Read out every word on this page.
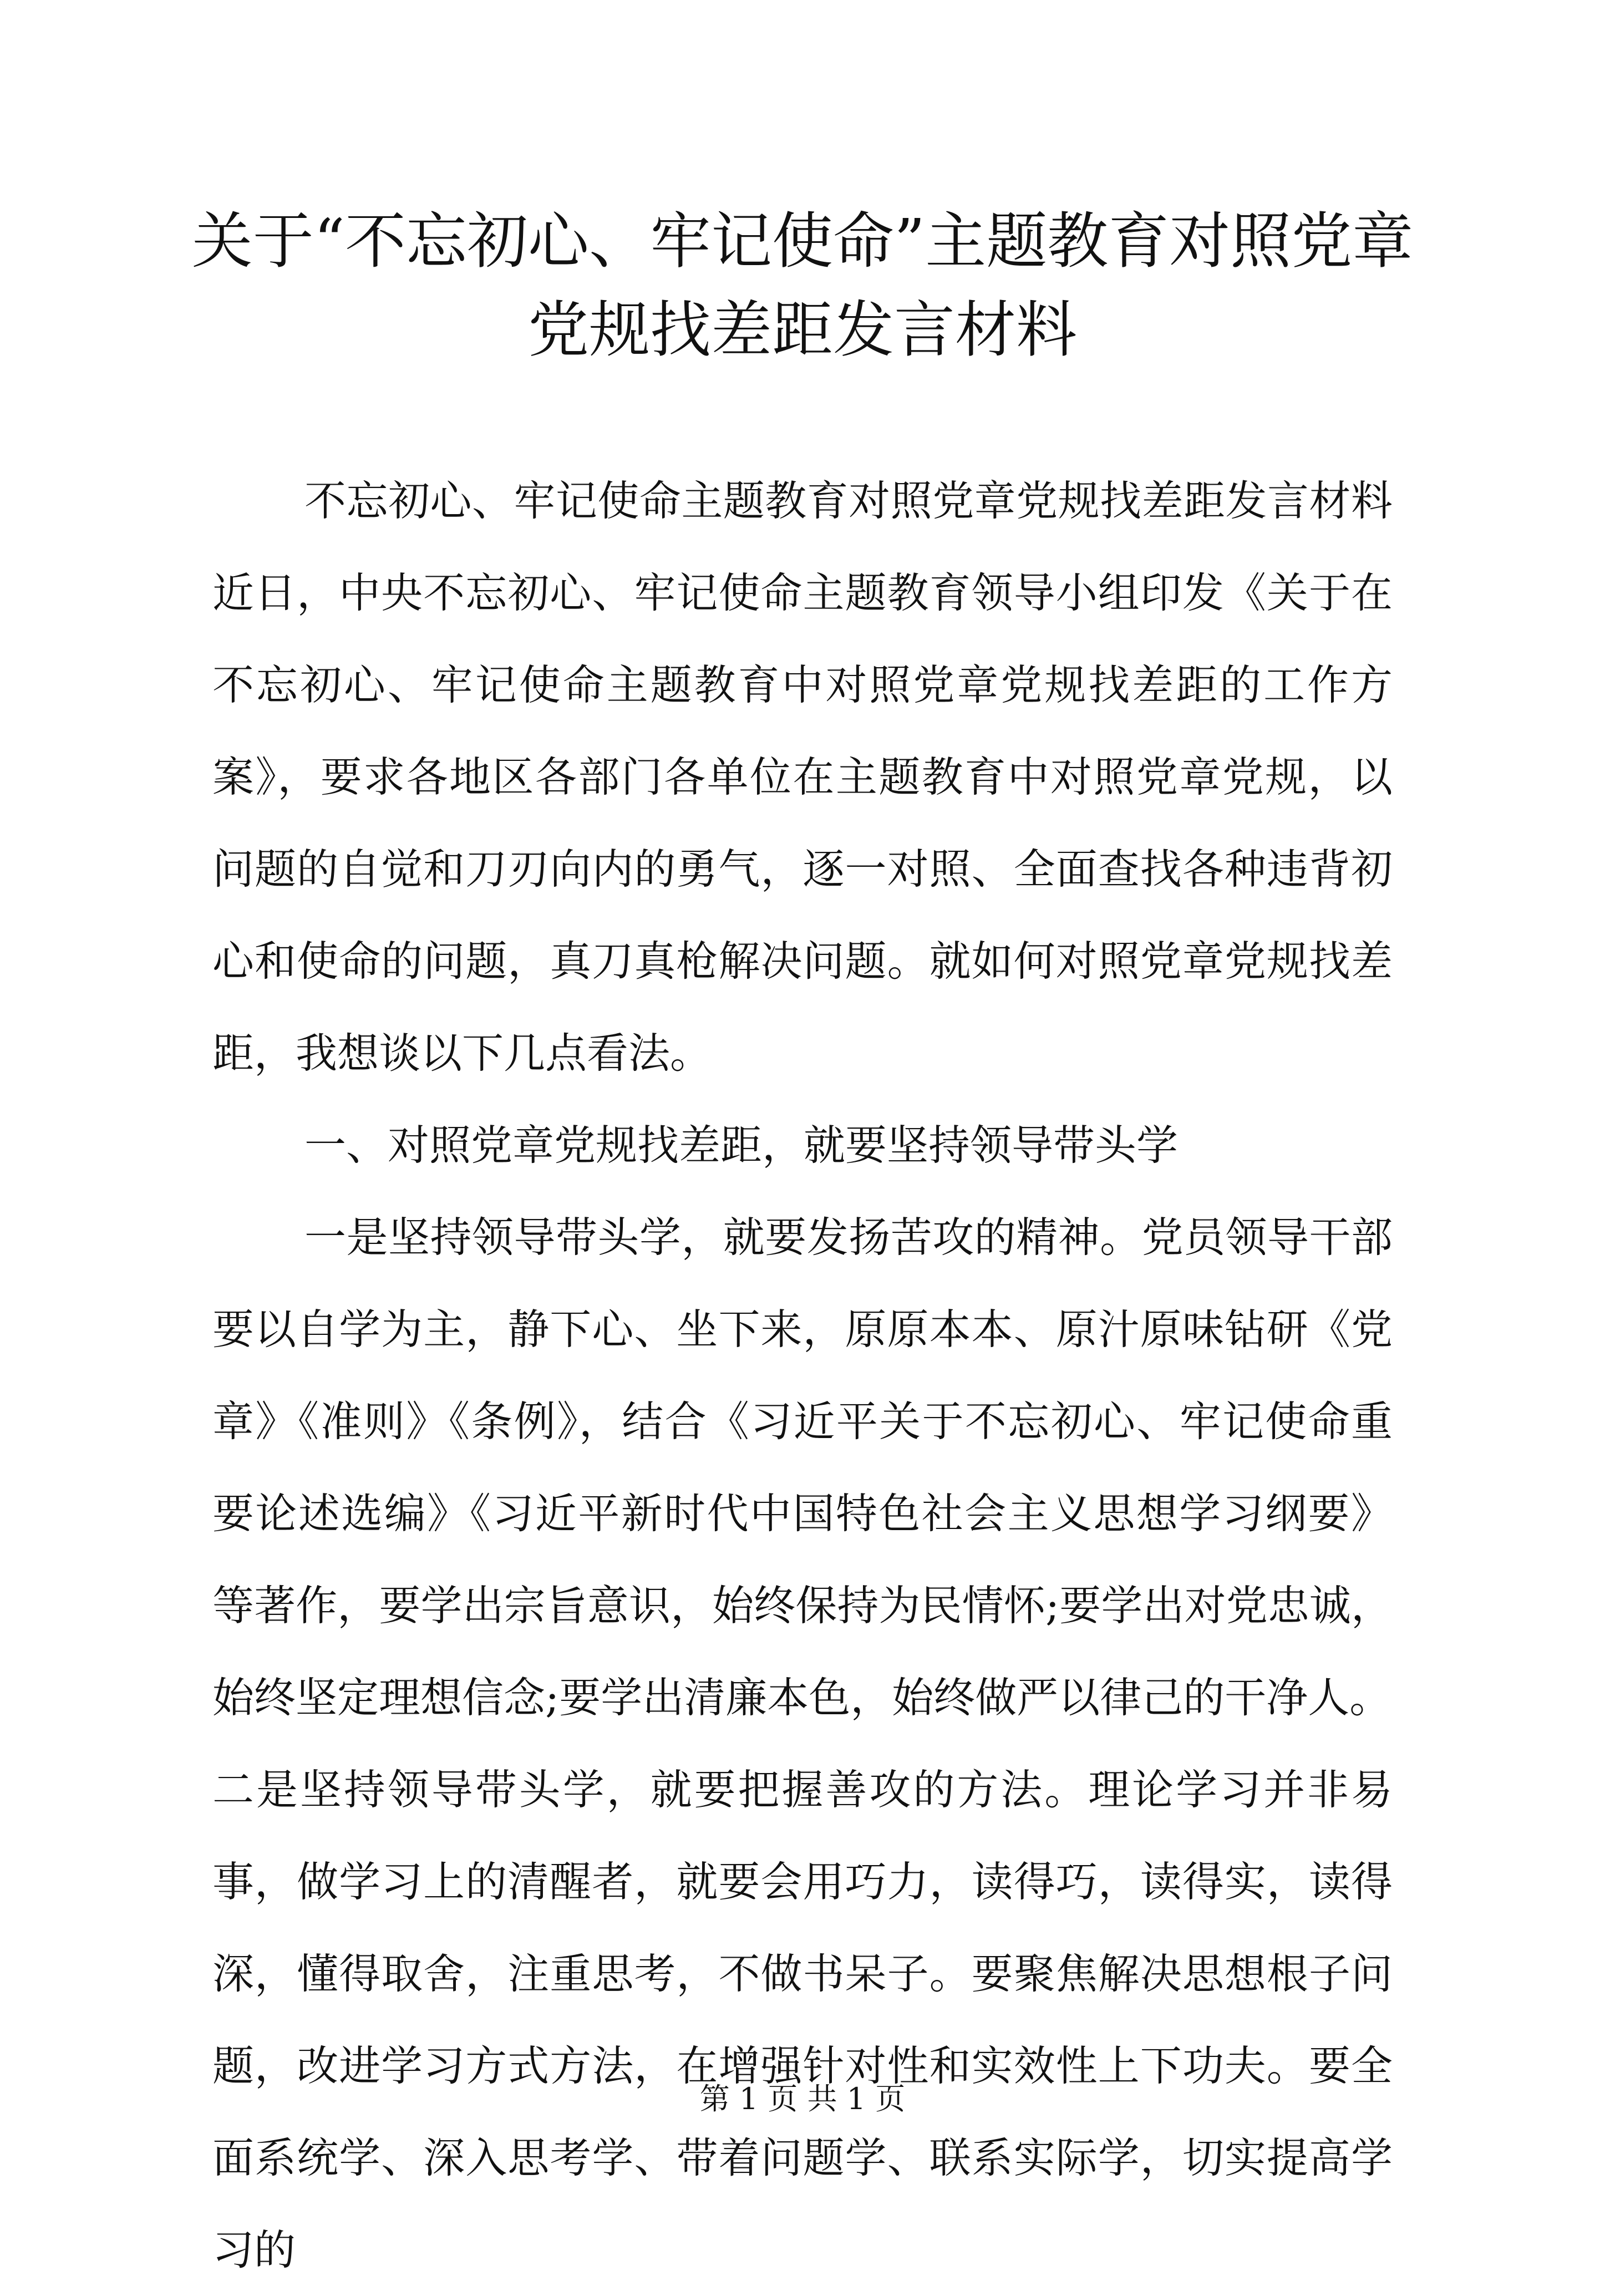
关于“不忘初心、牢记使命”主题教育对照党章党规找差距发言材料

不忘初心、牢记使命主题教育对照党章党规找差距发言材料近日，中央不忘初心、牢记使命主题教育领导小组印发《关于在不忘初心、牢记使命主题教育中对照党章党规找差距的工作方案》，要求各地区各部门各单位在主题教育中对照党章党规，以问题的自觉和刀刃向内的勇气，逐一对照、全面查找各种违背初心和使命的问题，真刀真枪解决问题。就如何对照党章党规找差距，我想谈以下几点看法。

一、对照党章党规找差距，就要坚持领导带头学

一是坚持领导带头学，就要发扬苦攻的精神。党员领导干部要以自学为主，静下心、坐下来，原原本本、原汁原味钻研《党章》《准则》《条例》，结合《习近平关于不忘初心、牢记使命重要论述选编》《习近平新时代中国特色社会主义思想学习纲要》等著作，要学出宗旨意识，始终保持为民情怀;要学出对党忠诚，始终坚定理想信念;要学出清廉本色，始终做严以律己的干净人。

二是坚持领导带头学，就要把握善攻的方法。理论学习并非易事，做学习上的清醒者，就要会用巧力，读得巧，读得实，读得深，懂得取舍，注重思考，不做书呆子。要聚焦解决思想根子问题，改进学习方式方法，在增强针对性和实效性上下功夫。要全面系统学、深入思考学、带着问题学、联系实际学，切实提高学习的

第 1 页 共 1 页
